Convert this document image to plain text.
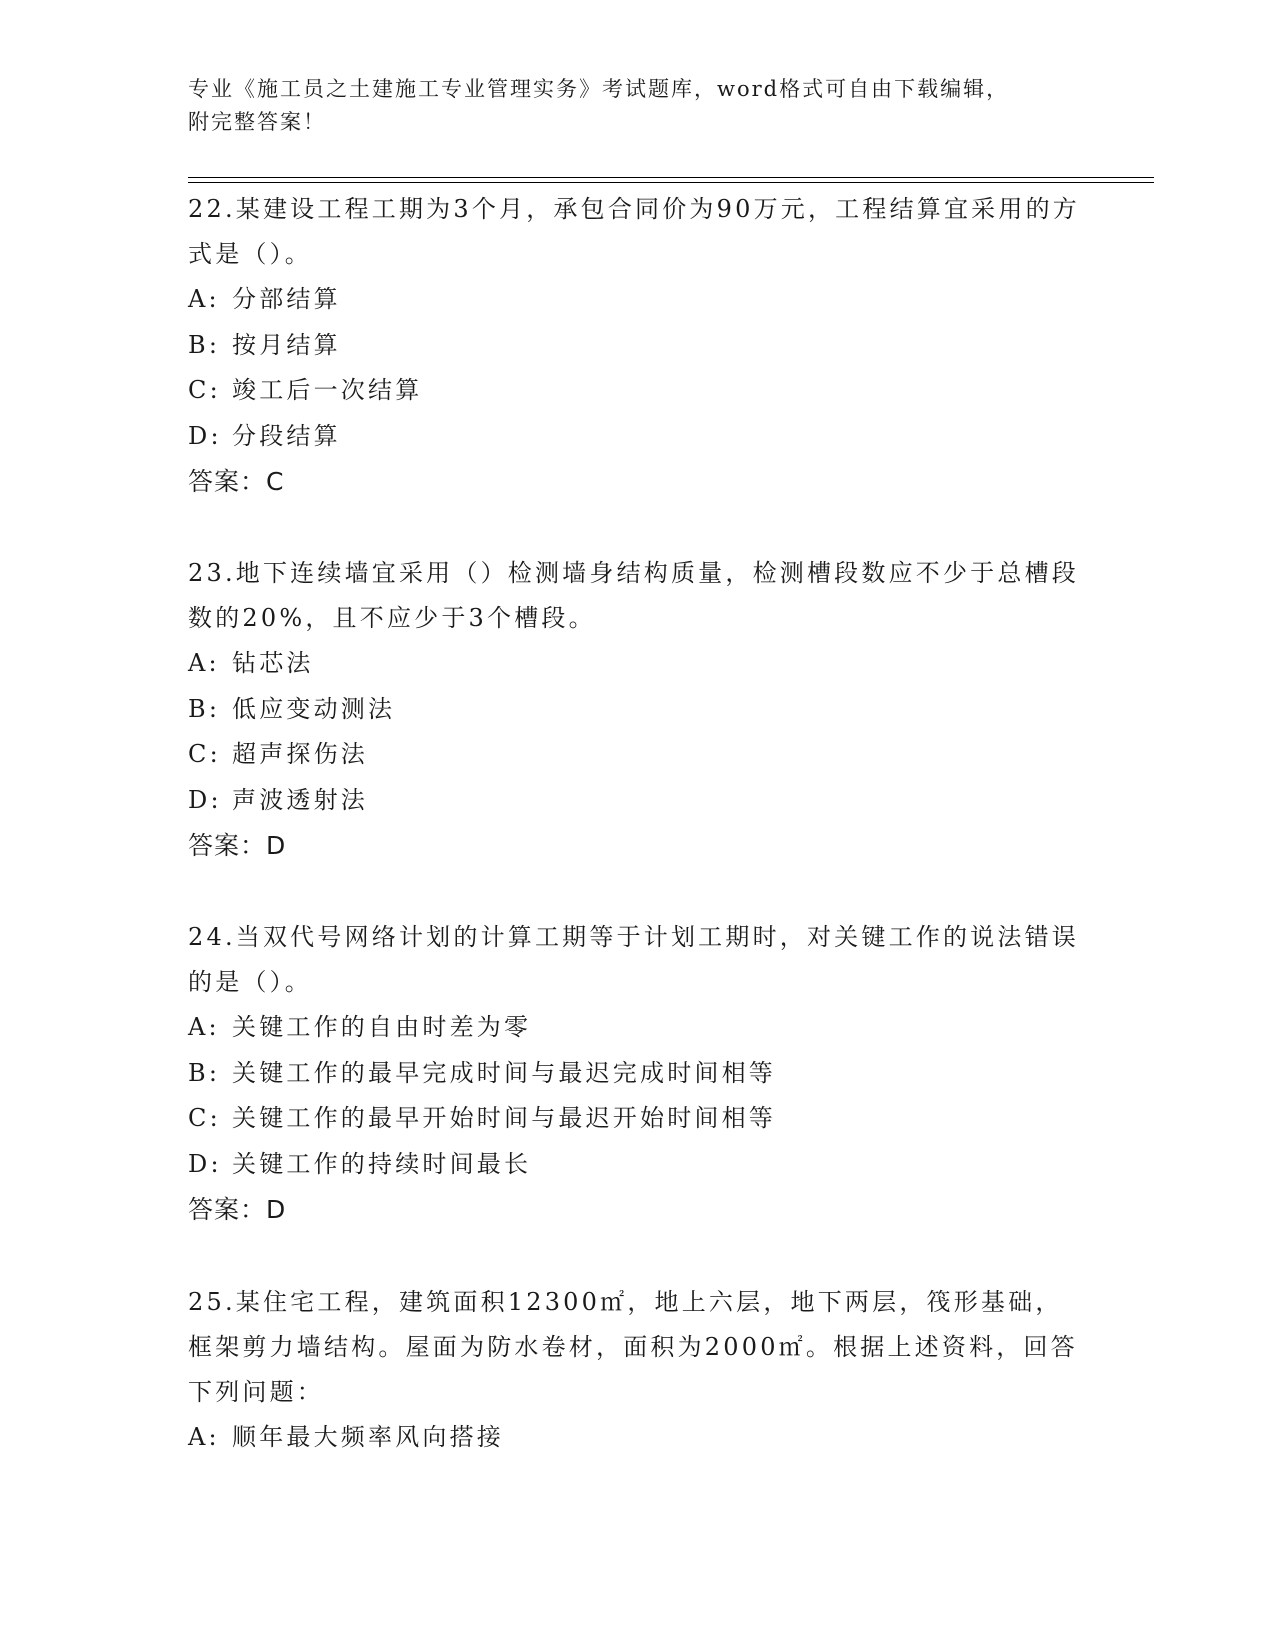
专业《施工员之土建施工专业管理实务》考试题库，word格式可自由下载编辑，
附完整答案！
22.某建设工程工期为3个月，承包合同价为90万元，工程结算宜采用的方式是（）。
A: 分部结算
B: 按月结算
C: 竣工后一次结算
D: 分段结算
答案：C
23.地下连续墙宜采用（）检测墙身结构质量，检测槽段数应不少于总槽段数的20%，且不应少于3个槽段。
A: 钻芯法
B: 低应变动测法
C: 超声探伤法
D: 声波透射法
答案：D
24.当双代号网络计划的计算工期等于计划工期时，对关键工作的说法错误的是（）。
A: 关键工作的自由时差为零
B: 关键工作的最早完成时间与最迟完成时间相等
C: 关键工作的最早开始时间与最迟开始时间相等
D: 关键工作的持续时间最长
答案：D
25.某住宅工程，建筑面积12300㎡，地上六层，地下两层，筏形基础，框架剪力墙结构。屋面为防水卷材，面积为2000㎡。根据上述资料，回答下列问题：
A: 顺年最大频率风向搭接
